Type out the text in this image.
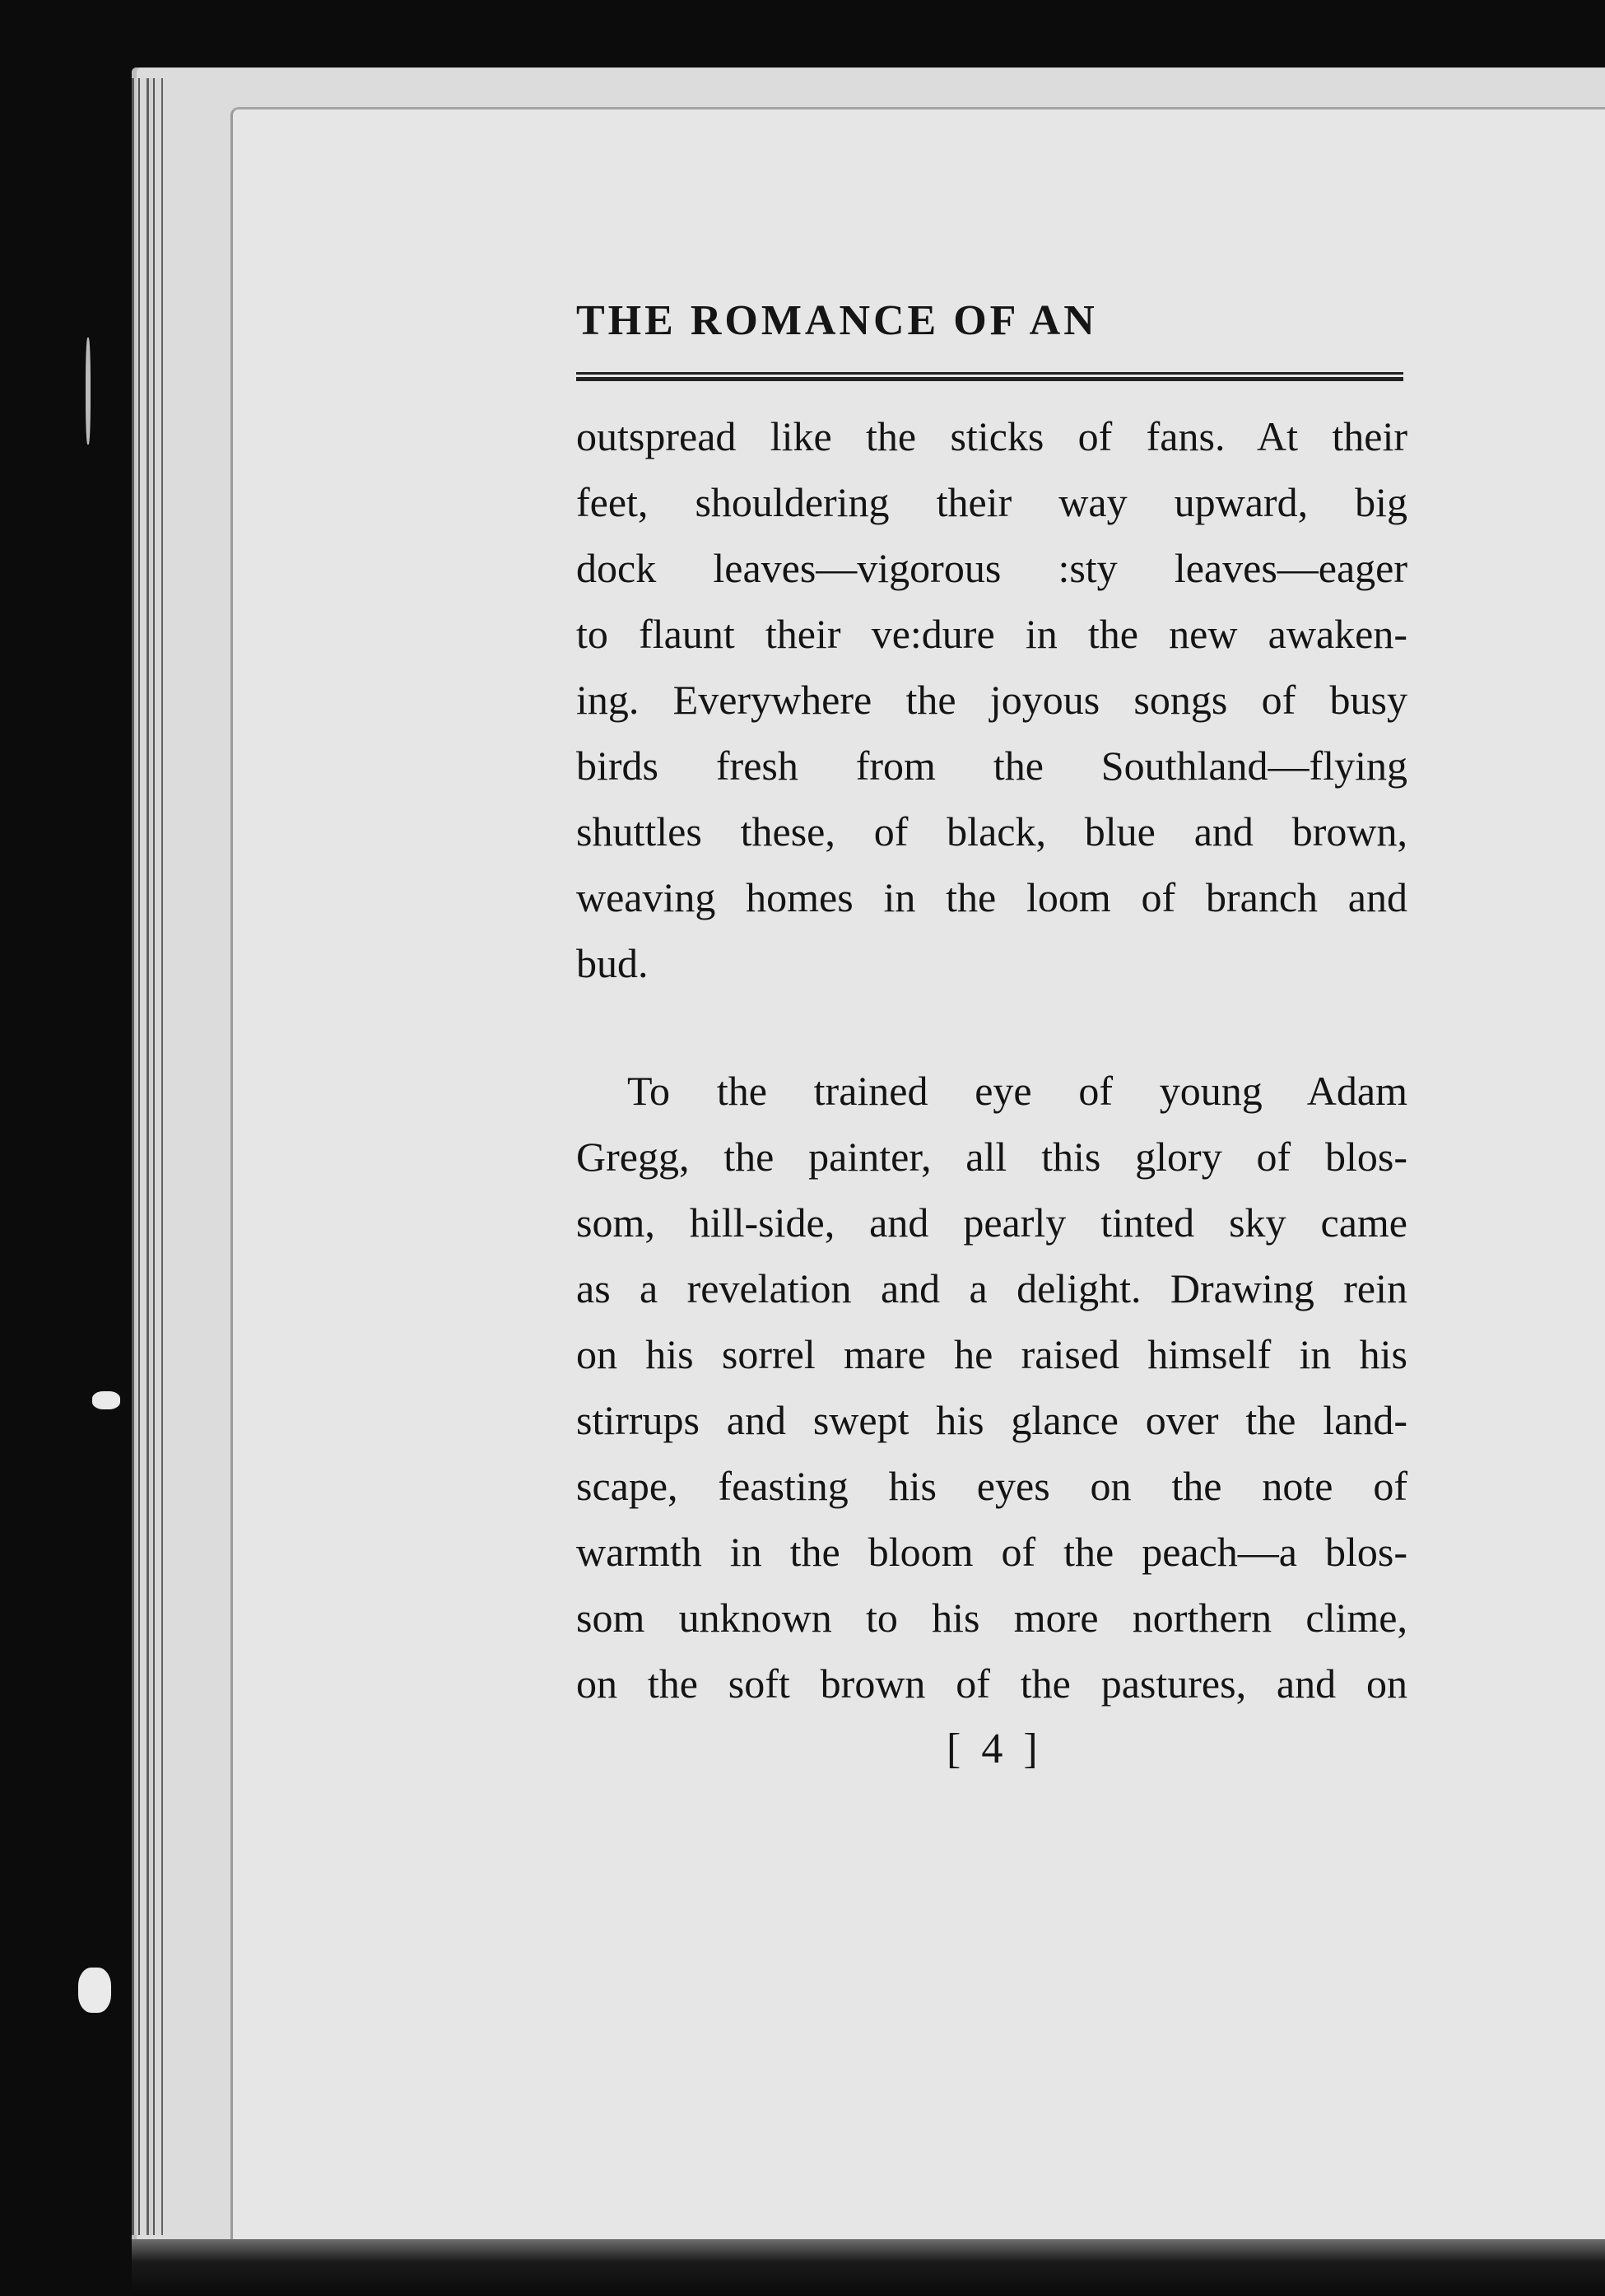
THE ROMANCE OF AN
outspread like the sticks of fans. At their
feet, shouldering their way upward, big
dock leaves—vigorous :sty leaves—eager
to flaunt their ve:dure in the new awaken-
ing. Everywhere the joyous songs of busy
birds fresh from the Southland—flying
shuttles these, of black, blue and brown,
weaving homes in the loom of branch and
bud.
To the trained eye of young Adam
Gregg, the painter, all this glory of blos-
som, hill-side, and pearly tinted sky came
as a revelation and a delight. Drawing rein
on his sorrel mare he raised himself in his
stirrups and swept his glance over the land-
scape, feasting his eyes on the note of
warmth in the bloom of the peach—a blos-
som unknown to his more northern clime,
on the soft brown of the pastures, and on
[ 4 ]
